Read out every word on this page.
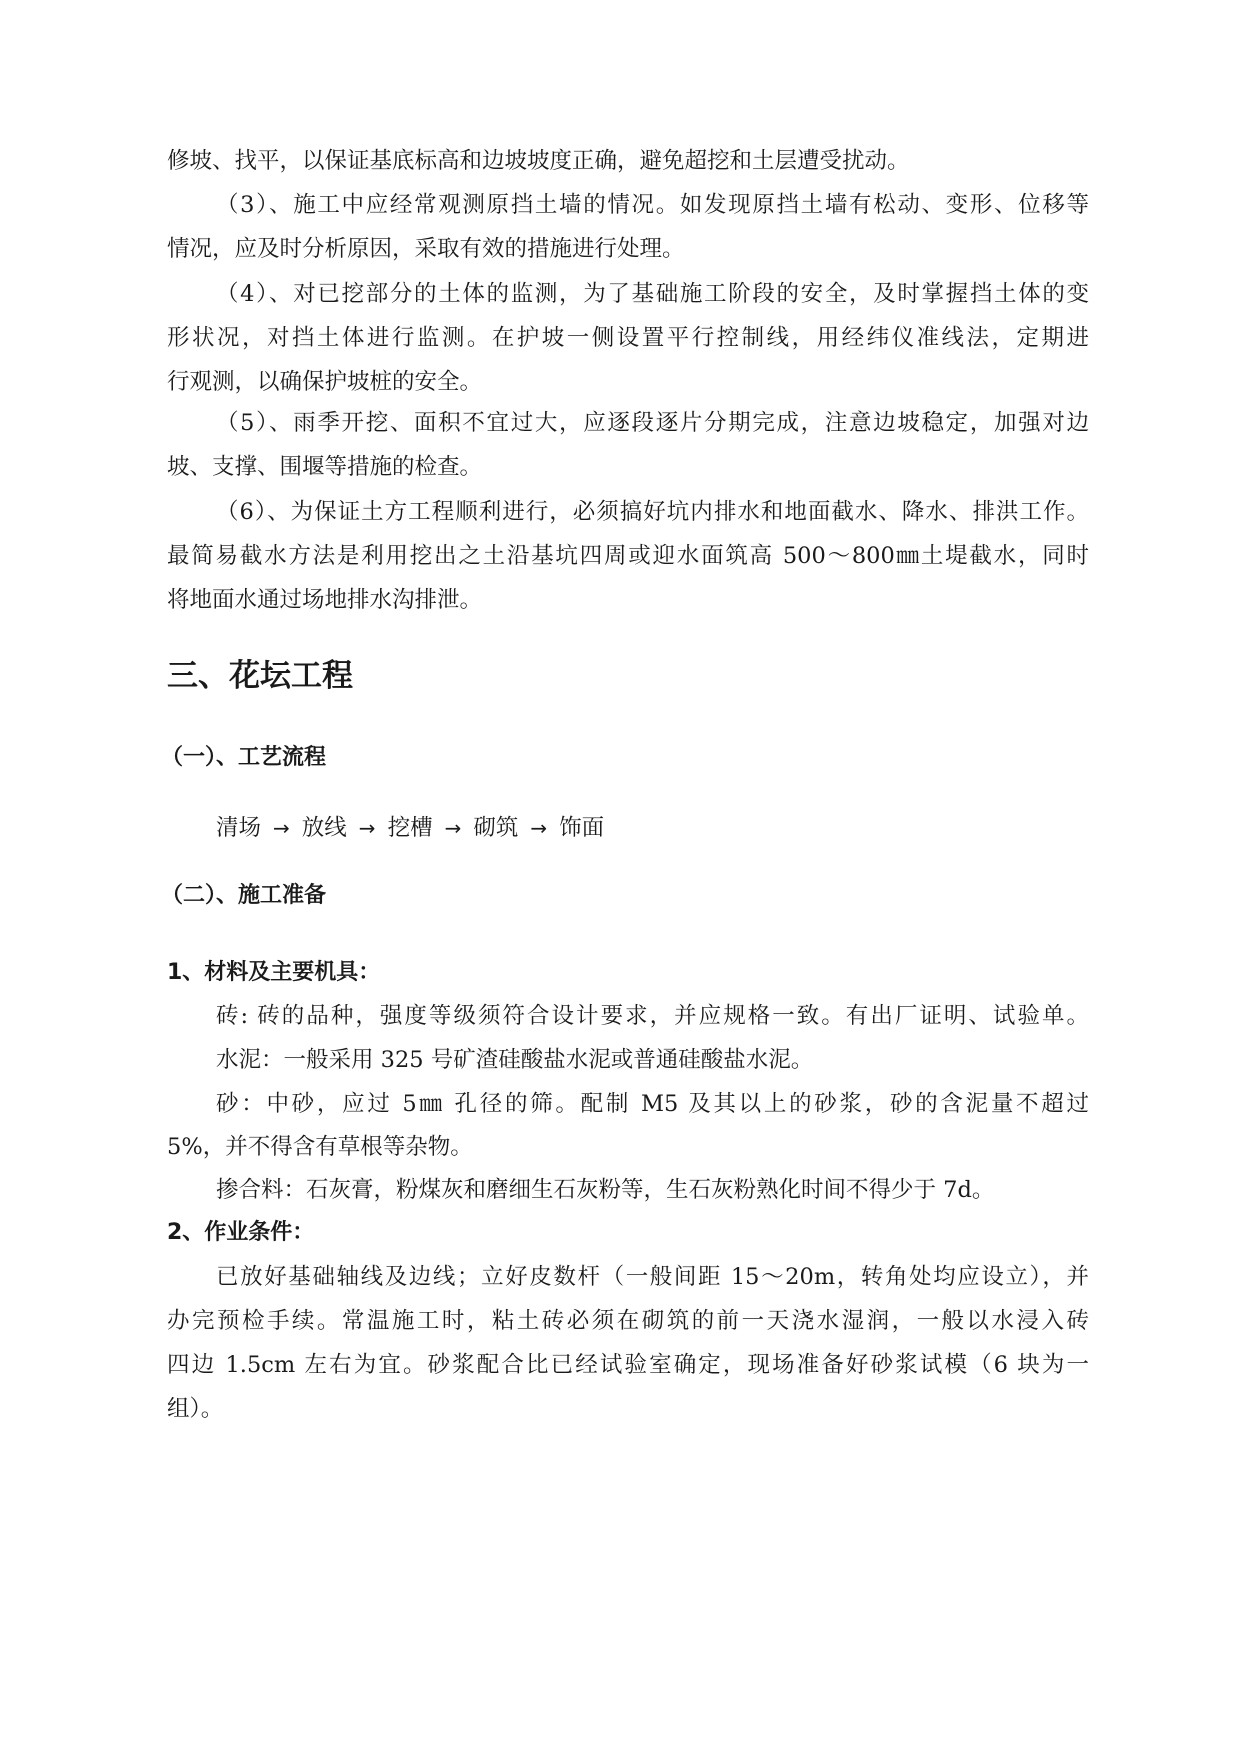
修坡、找平，以保证基底标高和边坡坡度正确，避免超挖和土层遭受扰动。
（3）、施工中应经常观测原挡土墙的情况。如发现原挡土墙有松动、变形、位移等
情况，应及时分析原因，采取有效的措施进行处理。
（4）、对已挖部分的土体的监测，为了基础施工阶段的安全，及时掌握挡土体的变
形状况，对挡土体进行监测。在护坡一侧设置平行控制线，用经纬仪准线法，定期进
行观测，以确保护坡桩的安全。
（5）、雨季开挖、面积不宜过大，应逐段逐片分期完成，注意边坡稳定，加强对边
坡、支撑、围堰等措施的检查。
（6）、为保证土方工程顺利进行，必须搞好坑内排水和地面截水、降水、排洪工作。
最简易截水方法是利用挖出之土沿基坑四周或迎水面筑高 500～800㎜土堤截水，同时
将地面水通过场地排水沟排泄。
三、花坛工程
（一）、工艺流程
清场 → 放线 → 挖槽 → 砌筑 → 饰面
（二）、施工准备
1、材料及主要机具：
砖: 砖的品种，强度等级须符合设计要求，并应规格一致。有出厂证明、试验单。
水泥：一般采用 325 号矿渣硅酸盐水泥或普通硅酸盐水泥。
砂：中砂，应过 5㎜ 孔径的筛。配制 M5 及其以上的砂浆，砂的含泥量不超过
5%，并不得含有草根等杂物。
掺合料：石灰膏，粉煤灰和磨细生石灰粉等，生石灰粉熟化时间不得少于 7d。
2、作业条件：
已放好基础轴线及边线；立好皮数杆（一般间距 15～20m，转角处均应设立），并
办完预检手续。常温施工时，粘土砖必须在砌筑的前一天浇水湿润，一般以水浸入砖
四边 1.5cm 左右为宜。砂浆配合比已经试验室确定，现场准备好砂浆试模（6 块为一
组）。
